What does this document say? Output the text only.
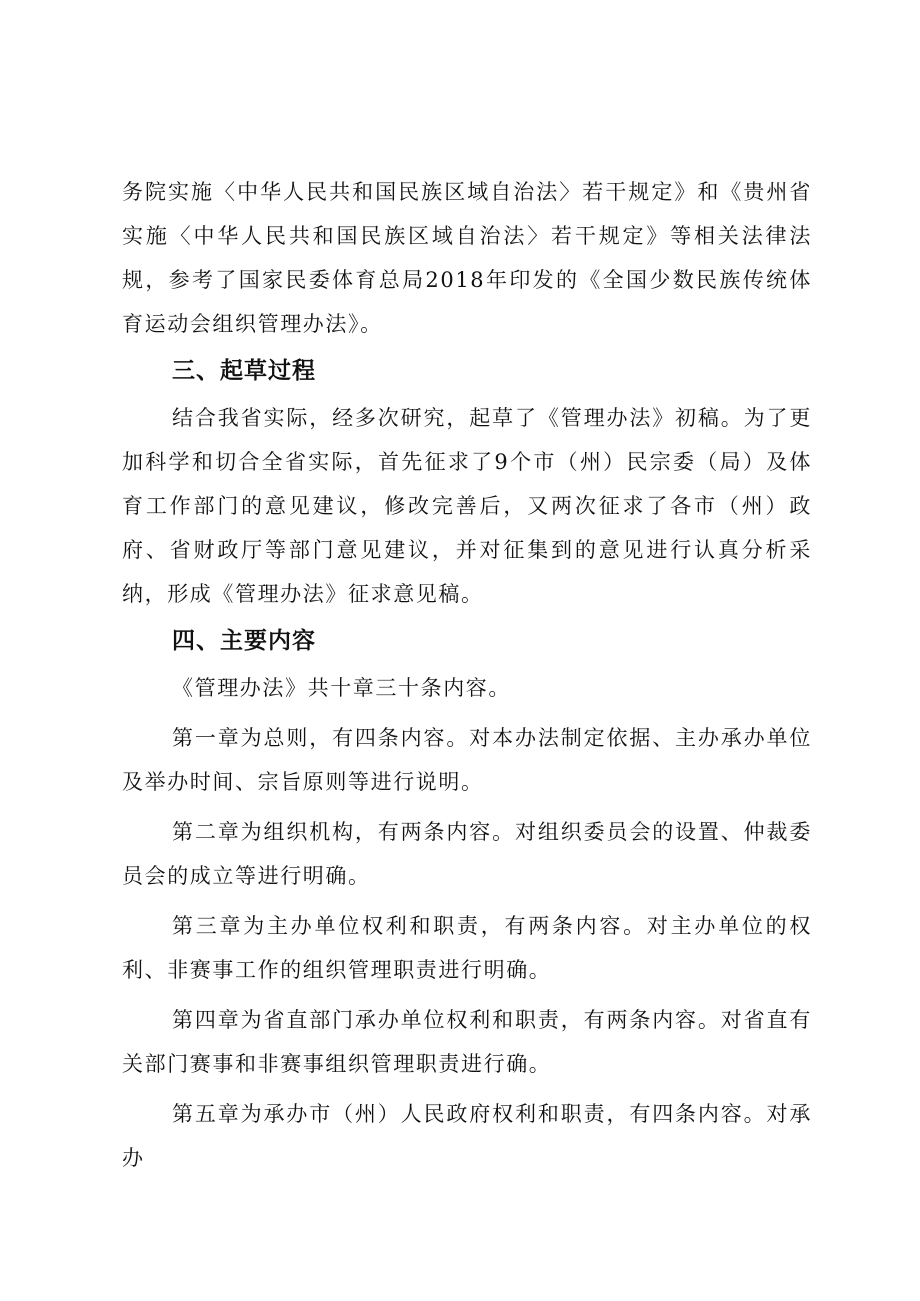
务院实施〈中华人民共和国民族区域自治法〉若干规定》和《贵州省实施〈中华人民共和国民族区域自治法〉若干规定》等相关法律法规，参考了国家民委体育总局2018年印发的《全国少数民族传统体育运动会组织管理办法》。

三、起草过程

结合我省实际，经多次研究，起草了《管理办法》初稿。为了更加科学和切合全省实际，首先征求了9个市（州）民宗委（局）及体育工作部门的意见建议，修改完善后，又两次征求了各市（州）政府、省财政厅等部门意见建议，并对征集到的意见进行认真分析采纳，形成《管理办法》征求意见稿。

四、主要内容

《管理办法》共十章三十条内容。

第一章为总则，有四条内容。对本办法制定依据、主办承办单位及举办时间、宗旨原则等进行说明。

第二章为组织机构，有两条内容。对组织委员会的设置、仲裁委员会的成立等进行明确。

第三章为主办单位权利和职责，有两条内容。对主办单位的权利、非赛事工作的组织管理职责进行明确。

第四章为省直部门承办单位权利和职责，有两条内容。对省直有关部门赛事和非赛事组织管理职责进行确。

第五章为承办市（州）人民政府权利和职责，有四条内容。对承办
